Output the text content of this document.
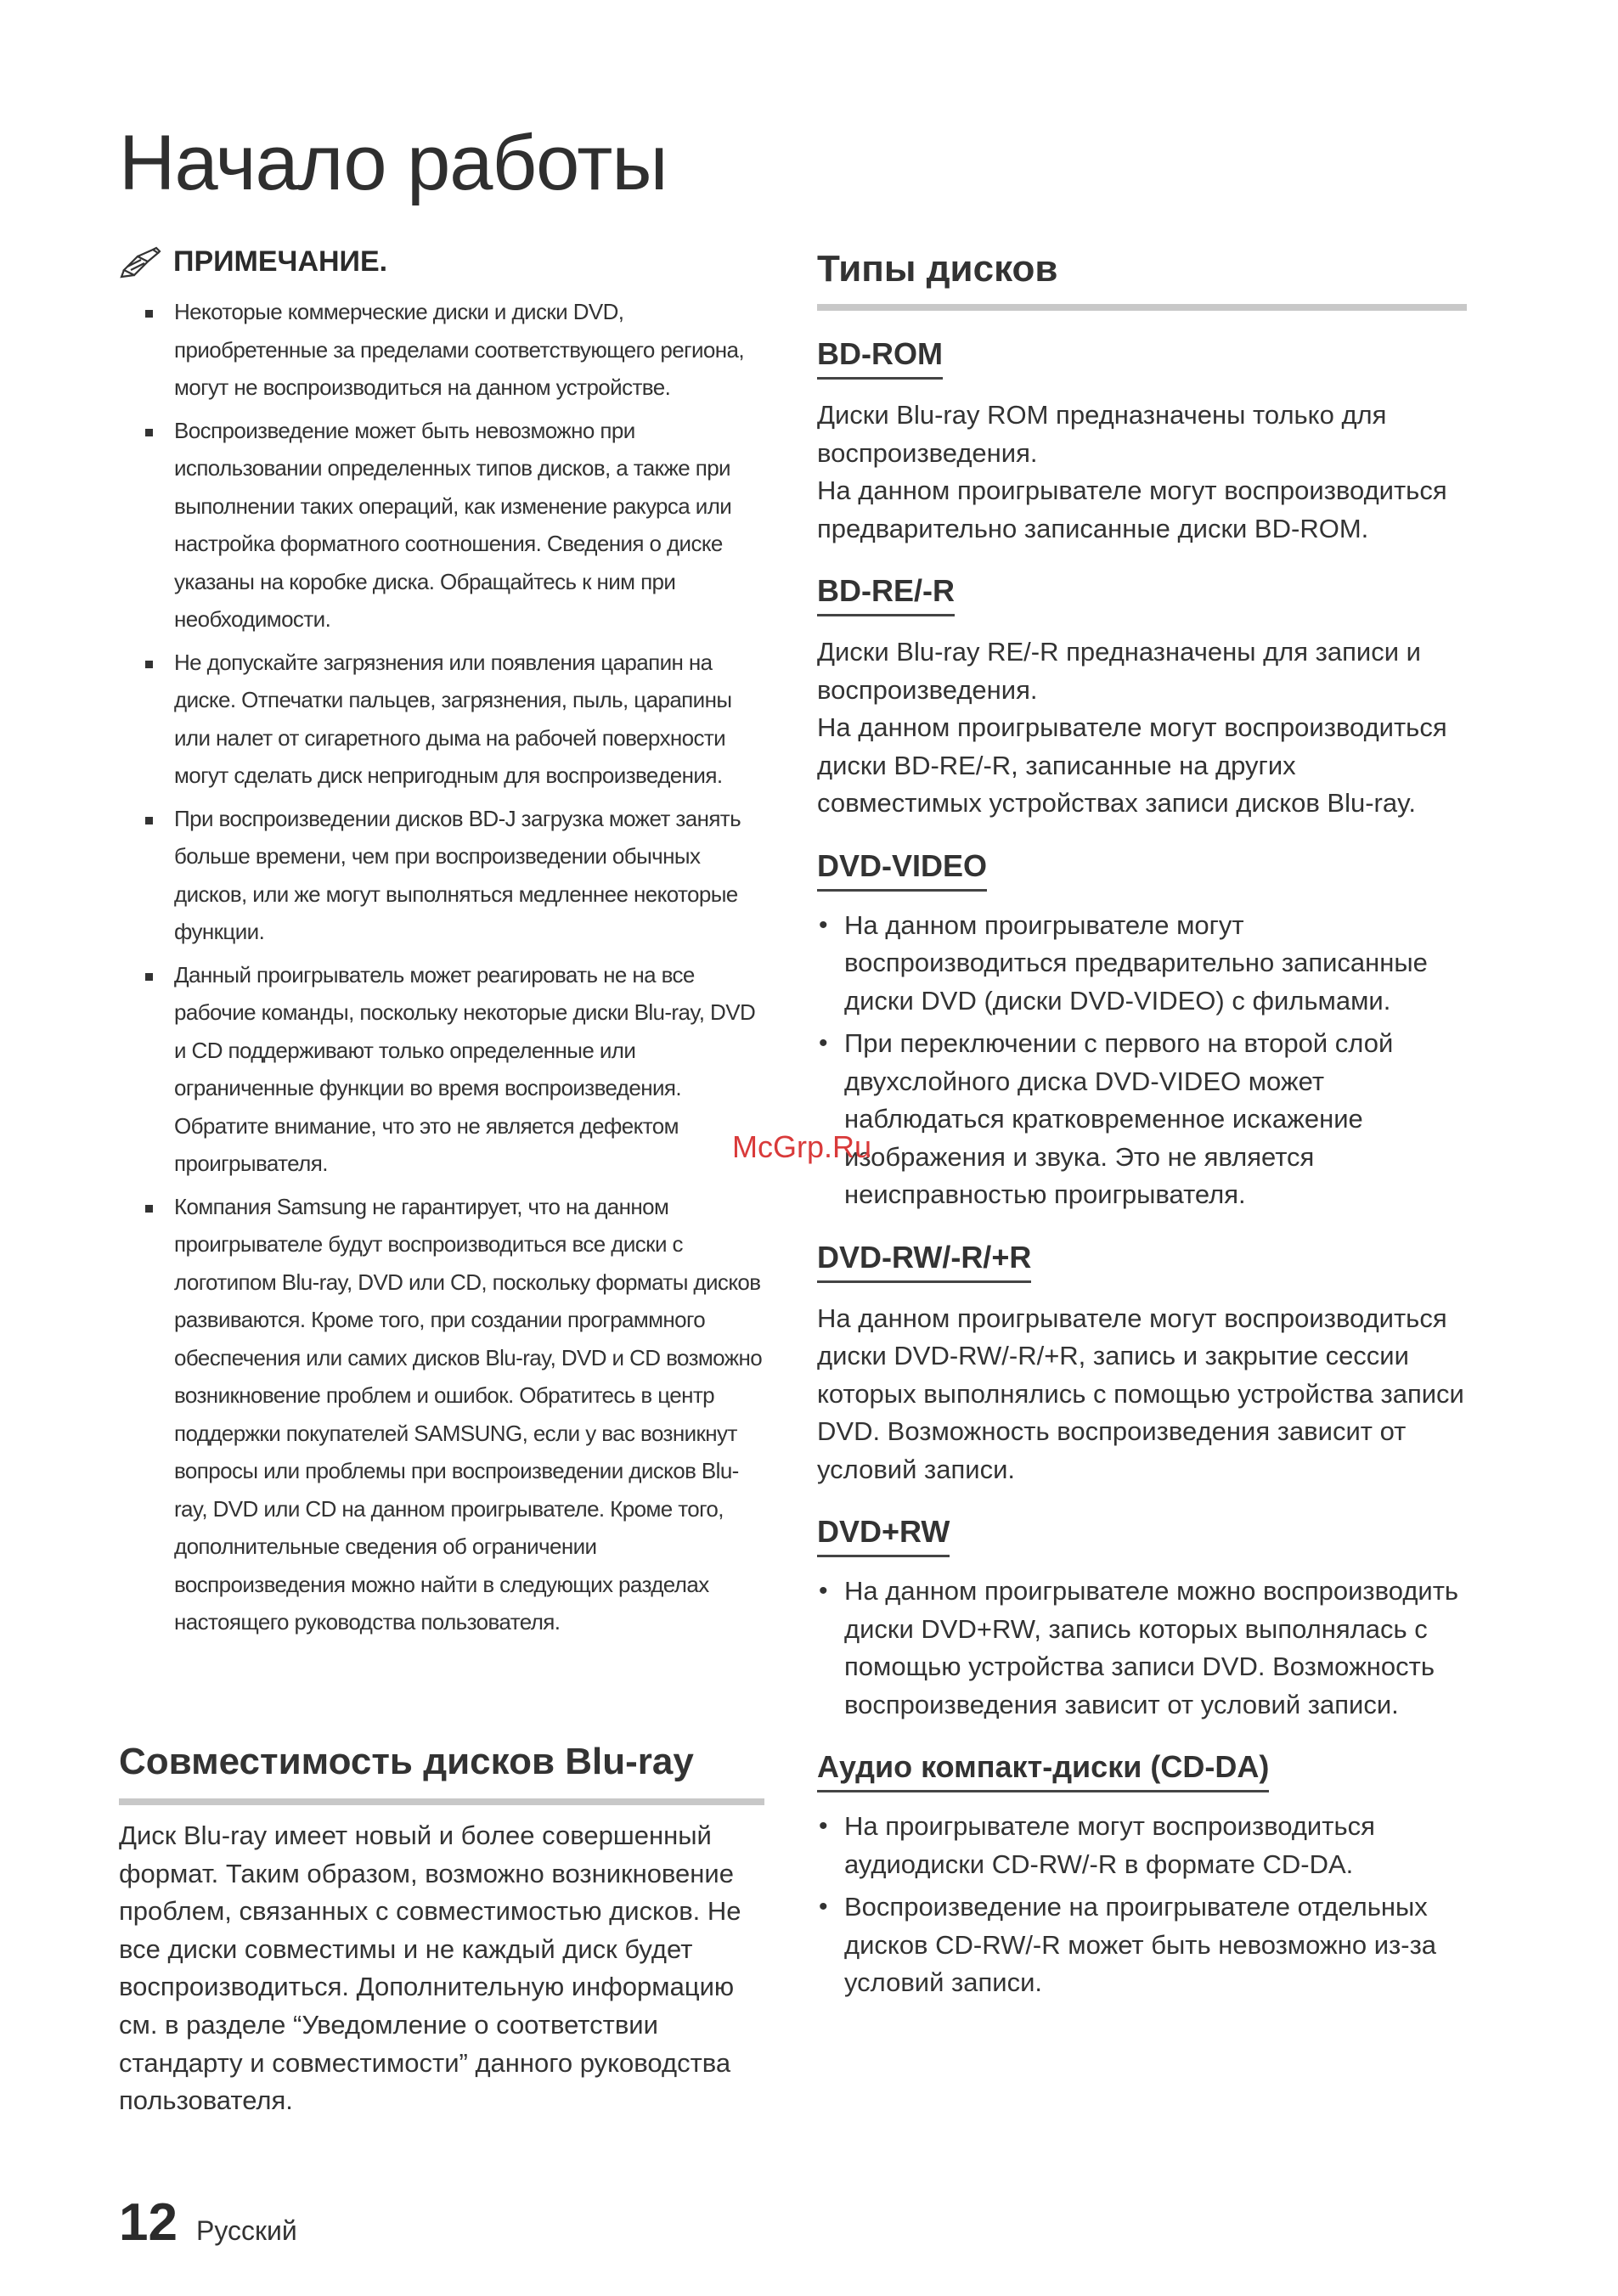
Начало работы
ПРИМЕЧАНИЕ.
Некоторые коммерческие диски и диски DVD, приобретенные за пределами соответствующего региона, могут не воспроизводиться на данном устройстве.
Воспроизведение может быть невозможно при использовании определенных типов дисков, а также при выполнении таких операций, как изменение ракурса или настройка форматного соотношения. Сведения о диске указаны на коробке диска. Обращайтесь к ним при необходимости.
Не допускайте загрязнения или появления царапин на диске. Отпечатки пальцев, загрязнения, пыль, царапины или налет от сигаретного дыма на рабочей поверхности могут сделать диск непригодным для воспроизведения.
При воспроизведении дисков BD-J загрузка может занять больше времени, чем при воспроизведении обычных дисков, или же могут выполняться медленнее некоторые функции.
Данный проигрыватель может реагировать не на все рабочие команды, поскольку некоторые диски Blu-ray, DVD и CD поддерживают только определенные или ограниченные функции во время воспроизведения. Обратите внимание, что это не является дефектом проигрывателя.
Компания Samsung не гарантирует, что на данном проигрывателе будут воспроизводиться все диски с логотипом Blu-ray, DVD или CD, поскольку форматы дисков развиваются. Кроме того, при создании программного обеспечения или самих дисков Blu-ray, DVD и CD возможно возникновение проблем и ошибок. Обратитесь в центр поддержки покупателей SAMSUNG, если у вас возникнут вопросы или проблемы при воспроизведении дисков Blu-ray, DVD или CD на данном проигрывателе. Кроме того, дополнительные сведения об ограничении воспроизведения можно найти в следующих разделах настоящего руководства пользователя.
Совместимость дисков Blu-ray

Диск Blu-ray имеет новый и более совершенный формат. Таким образом, возможно возникновение проблем, связанных с совместимостью дисков. Не все диски совместимы и не каждый диск будет воспроизводиться. Дополнительную информацию см. в разделе “Уведомление о соответствии стандарту и совместимости” данного руководства пользователя.

Типы дисков
BD-ROM

Диски Blu-ray ROM предназначены только для воспроизведения.
На данном проигрывателе могут воспроизводиться предварительно записанные диски BD-ROM.

BD-RE/-R

Диски Blu-ray RE/-R предназначены для записи и воспроизведения.
На данном проигрывателе могут воспроизводиться диски BD-RE/-R, записанные на других совместимых устройствах записи дисков Blu-ray.

DVD-VIDEO
• На данном проигрывателе могут воспроизводиться предварительно записанные диски DVD (диски DVD-VIDEO) с фильмами.
• При переключении с первого на второй слой двухслойного диска DVD-VIDEO может наблюдаться кратковременное искажение изображения и звука. Это не является неисправностью проигрывателя.
DVD-RW/-R/+R

На данном проигрывателе могут воспроизводиться диски DVD-RW/-R/+R, запись и закрытие сессии которых выполнялись с помощью устройства записи DVD. Возможность воспроизведения зависит от условий записи.

DVD+RW
• На данном проигрывателе можно воспроизводить диски DVD+RW, запись которых выполнялась с помощью устройства записи DVD. Возможность воспроизведения зависит от условий записи.
Аудио компакт-диски (CD-DA)
• На проигрывателе могут воспроизводиться аудиодиски CD-RW/-R в формате CD-DA.
• Воспроизведение на проигрывателе отдельных дисков CD-RW/-R может быть невозможно из-за условий записи.
McGrp.Ru
12 Русский
